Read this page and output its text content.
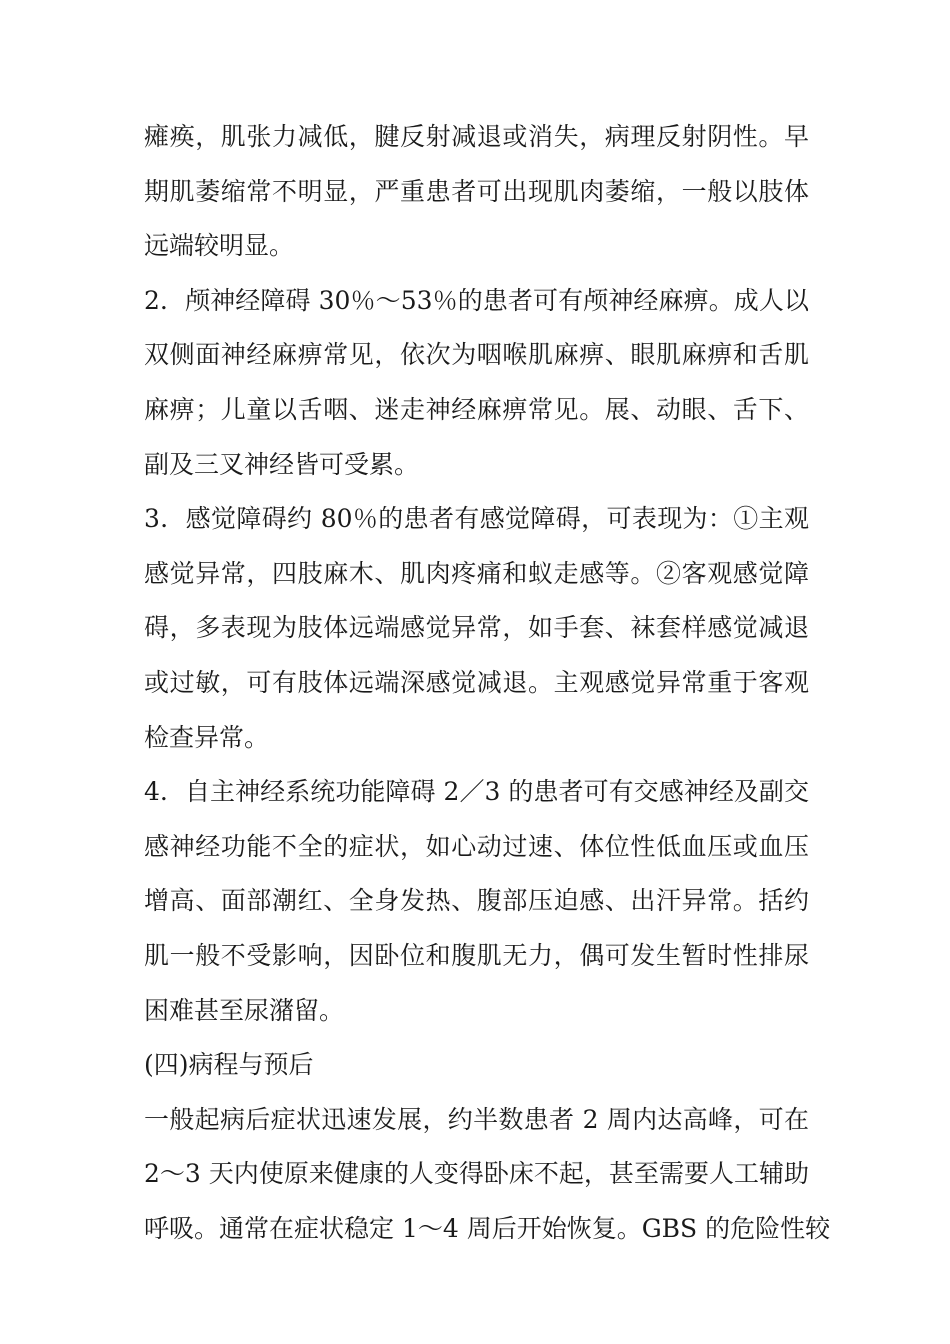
瘫痪，肌张力减低，腱反射减退或消失，病理反射阴性。早
期肌萎缩常不明显，严重患者可出现肌肉萎缩，一般以肢体
远端较明显。
2．颅神经障碍 30％～53％的患者可有颅神经麻痹。成人以
双侧面神经麻痹常见，依次为咽喉肌麻痹、眼肌麻痹和舌肌
麻痹；儿童以舌咽、迷走神经麻痹常见。展、动眼、舌下、
副及三叉神经皆可受累。
3．感觉障碍约 80％的患者有感觉障碍，可表现为：①主观
感觉异常，四肢麻木、肌肉疼痛和蚁走感等。②客观感觉障
碍，多表现为肢体远端感觉异常，如手套、袜套样感觉减退
或过敏，可有肢体远端深感觉减退。主观感觉异常重于客观
检查异常。
4．自主神经系统功能障碍 2／3 的患者可有交感神经及副交
感神经功能不全的症状，如心动过速、体位性低血压或血压
增高、面部潮红、全身发热、腹部压迫感、出汗异常。括约
肌一般不受影响，因卧位和腹肌无力，偶可发生暂时性排尿
困难甚至尿潴留。
(四)病程与预后
一般起病后症状迅速发展，约半数患者 2 周内达高峰，可在
2～3 天内使原来健康的人变得卧床不起，甚至需要人工辅助
呼吸。通常在症状稳定 1～4 周后开始恢复。GBS 的危险性较
